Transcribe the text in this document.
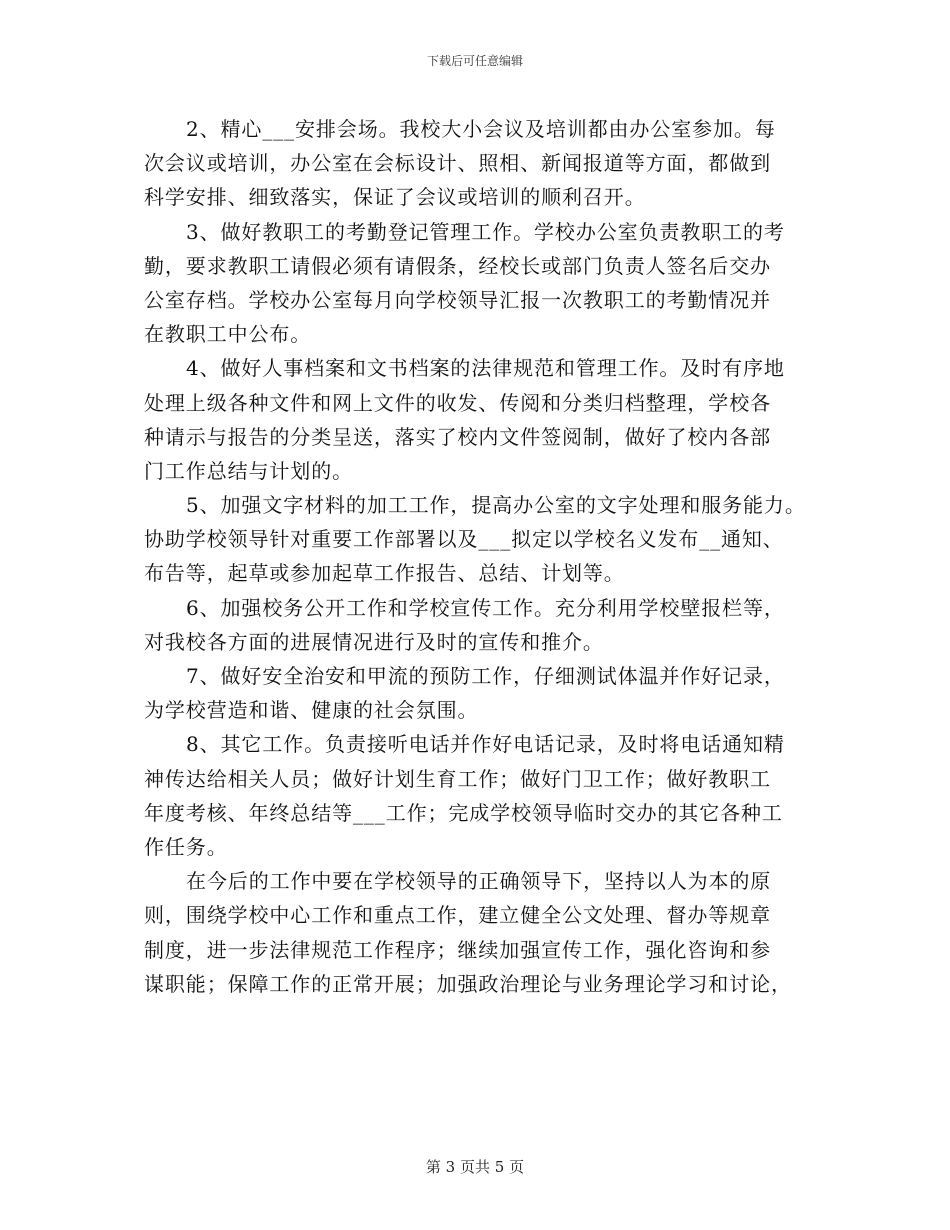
下载后可任意编辑
2、精心___安排会场。我校大小会议及培训都由办公室参加。每
次会议或培训，办公室在会标设计、照相、新闻报道等方面，都做到
科学安排、细致落实，保证了会议或培训的顺利召开。
3、做好教职工的考勤登记管理工作。学校办公室负责教职工的考
勤，要求教职工请假必须有请假条，经校长或部门负责人签名后交办
公室存档。学校办公室每月向学校领导汇报一次教职工的考勤情况并
在教职工中公布。
4、做好人事档案和文书档案的法律规范和管理工作。及时有序地
处理上级各种文件和网上文件的收发、传阅和分类归档整理，学校各
种请示与报告的分类呈送，落实了校内文件签阅制，做好了校内各部
门工作总结与计划的。
5、加强文字材料的加工工作，提高办公室的文字处理和服务能力。
协助学校领导针对重要工作部署以及___拟定以学校名义发布__通知、
布告等，起草或参加起草工作报告、总结、计划等。
6、加强校务公开工作和学校宣传工作。充分利用学校壁报栏等，
对我校各方面的进展情况进行及时的宣传和推介。
7、做好安全治安和甲流的预防工作，仔细测试体温并作好记录，
为学校营造和谐、健康的社会氛围。
8、其它工作。负责接听电话并作好电话记录，及时将电话通知精
神传达给相关人员；做好计划生育工作；做好门卫工作；做好教职工
年度考核、年终总结等___工作；完成学校领导临时交办的其它各种工
作任务。
在今后的工作中要在学校领导的正确领导下，坚持以人为本的原
则，围绕学校中心工作和重点工作，建立健全公文处理、督办等规章
制度，进一步法律规范工作程序；继续加强宣传工作，强化咨询和参
谋职能；保障工作的正常开展；加强政治理论与业务理论学习和讨论，
第 3 页共 5 页
